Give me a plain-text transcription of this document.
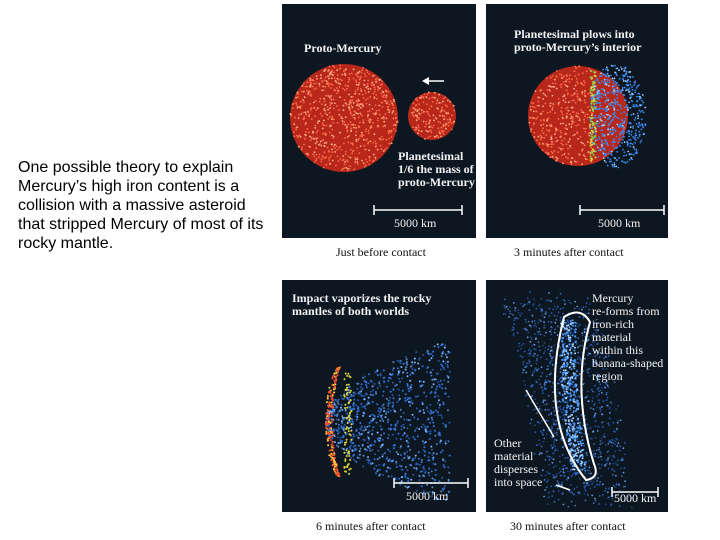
One possible theory to explain Mercury’s high iron content is a collision with a massive asteroid that stripped Mercury of most of its rocky mantle.
Proto-Mercury
Planetesimal
1/6 the mass of
proto-Mercury
5000 km
Just before contact
Planetesimal plows into
proto-Mercury’s interior
5000 km
3 minutes after contact
Impact vaporizes the rocky
mantles of both worlds
5000 km
6 minutes after contact
Mercury
re-forms from
iron-rich
material
within this
banana-shaped
region
Other
material
disperses
into space
5000 km
30 minutes after contact
